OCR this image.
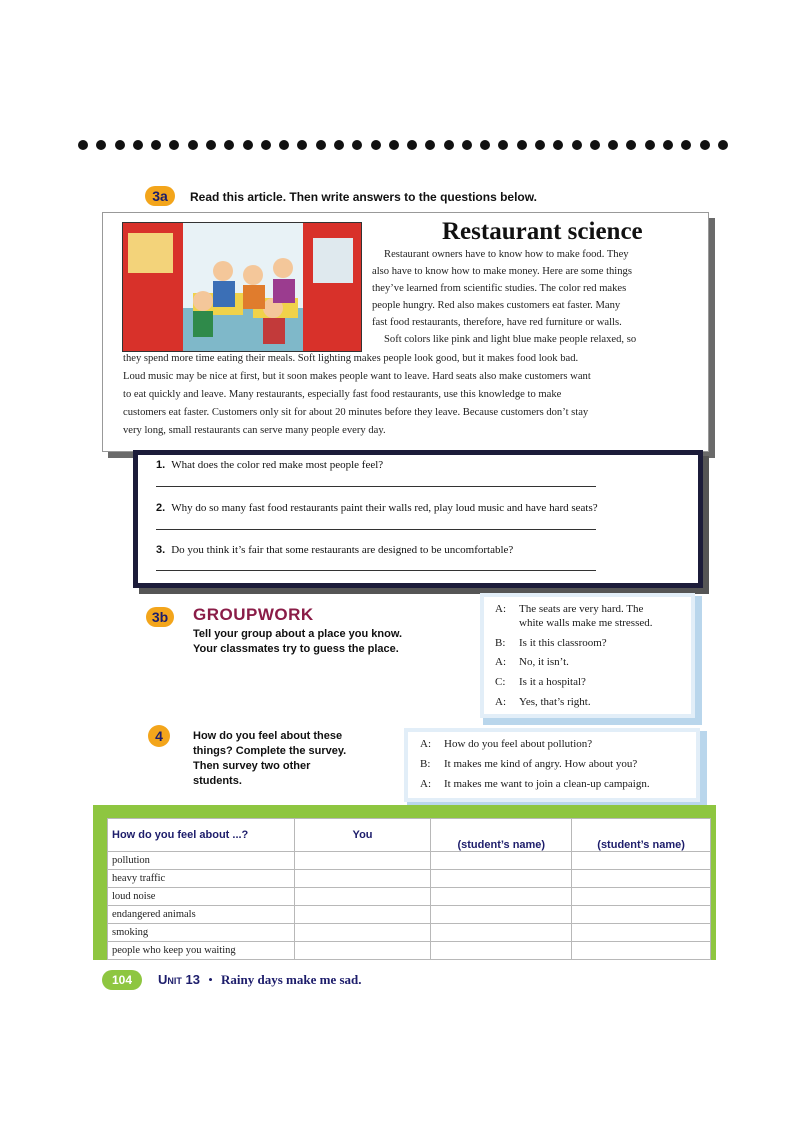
3a	Read this article. Then write answers to the questions below.
Restaurant science
Restaurant owners have to know how to make food. They
also have to know how to make money. Here are some things
they’ve learned from scientific studies. The color red makes
people hungry. Red also makes customers eat faster. Many
fast food restaurants, therefore, have red furniture or walls.
Soft colors like pink and light blue make people relaxed, so
they spend more time eating their meals. Soft lighting makes people look good, but it makes food look bad.
Loud music may be nice at first, but it soon makes people want to leave. Hard seats also make customers want
to eat quickly and leave. Many restaurants, especially fast food restaurants, use this knowledge to make
customers eat faster. Customers only sit for about 20 minutes before they leave. Because customers don’t stay
very long, small restaurants can serve many people every day.
1. What does the color red make most people feel?
2. Why do so many fast food restaurants paint their walls red, play loud music and have hard seats?
3. Do you think it’s fair that some restaurants are designed to be uncomfortable?
3b	GROUPWORK
Tell your group about a place you know.
Your classmates try to guess the place.
A:	The seats are very hard. The
white walls make me stressed.
B:	Is it this classroom?
A:	No, it isn’t.
C:	Is it a hospital?
A:	Yes, that’s right.
4	How do you feel about these
things? Complete the survey.
Then survey two other
students.
A:	How do you feel about pollution?
B:	It makes me kind of angry. How about you?
A:	It makes me want to join a clean-up campaign.
How do you feel about ...?	You	(student’s name)	(student’s name)
pollution			
heavy traffic			
loud noise			
endangered animals			
smoking			
people who keep you waiting			
104	Unit 13 • Rainy days make me sad.
